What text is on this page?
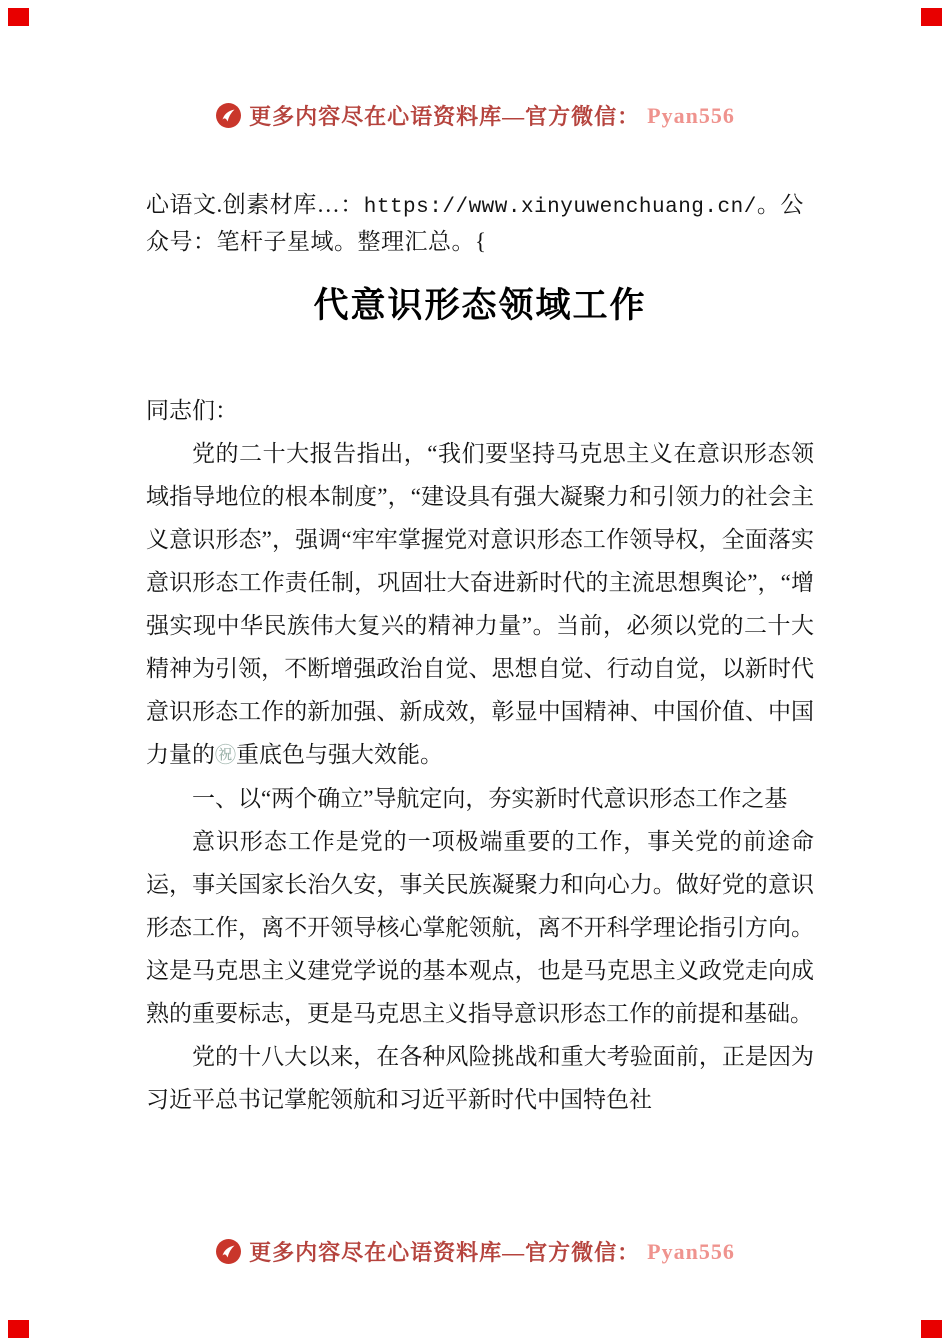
更多内容尽在心语资料库—官方微信： Pyan556

心语文.创素材库…：https://www.xinyuwenchuang.cn/。公众号：笔杆子星域。整理汇总。{

代意识形态领域工作

同志们：

党的二十大报告指出，“我们要坚持马克思主义在意识形态领域指导地位的根本制度”，“建设具有强大凝聚力和引领力的社会主义意识形态”，强调“牢牢掌握党对意识形态工作领导权，全面落实意识形态工作责任制，巩固壮大奋进新时代的主流思想舆论”，“增强实现中华民族伟大复兴的精神力量”。当前，必须以党的二十大精神为引领，不断增强政治自觉、思想自觉、行动自觉，以新时代意识形态工作的新加强、新成效，彰显中国精神、中国价值、中国力量的㊗重底色与强大效能。

一、以“两个确立”导航定向，夯实新时代意识形态工作之基

意识形态工作是党的一项极端重要的工作，事关党的前途命运，事关国家长治久安，事关民族凝聚力和向心力。做好党的意识形态工作，离不开领导核心掌舵领航，离不开科学理论指引方向。这是马克思主义建党学说的基本观点，也是马克思主义政党走向成熟的重要标志，更是马克思主义指导意识形态工作的前提和基础。

党的十八大以来，在各种风险挑战和重大考验面前，正是因为习近平总书记掌舵领航和习近平新时代中国特色社

更多内容尽在心语资料库—官方微信： Pyan556
